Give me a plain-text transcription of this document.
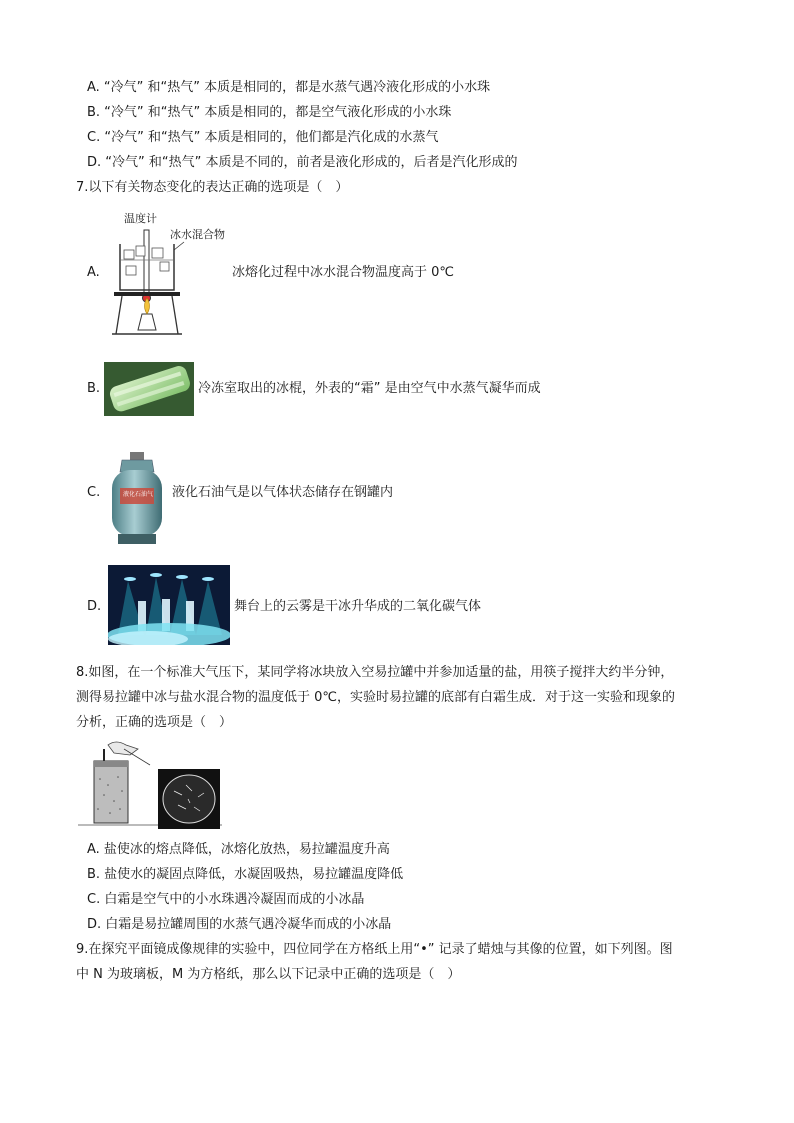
A. “冷气” 和“热气” 本质是相同的，都是水蒸气遇冷液化形成的小水珠
B. “冷气” 和“热气” 本质是相同的，都是空气液化形成的小水珠
C. “冷气” 和“热气” 本质是相同的，他们都是汽化成的水蒸气
D. “冷气” 和“热气” 本质是不同的，前者是液化形成的，后者是汽化形成的
7.以下有关物态变化的表达正确的选项是（　）
A.
温度计
冰水混合物
冰熔化过程中冰水混合物温度高于 0℃
B.	冷冻室取出的冰棍，外表的“霜” 是由空气中水蒸气凝华而成
C.	液化石油气 液化石油气是以气体状态储存在钢罐内
D.	舞台上的云雾是干冰升华成的二氧化碳气体
8.如图，在一个标准大气压下，某同学将冰块放入空易拉罐中并参加适量的盐，用筷子搅拌大约半分钟，
测得易拉罐中冰与盐水混合物的温度低于 0℃，实验时易拉罐的底部有白霜生成．对于这一实验和现象的
分析，正确的选项是（　）
A. 盐使冰的熔点降低，冰熔化放热，易拉罐温度升高
B. 盐使水的凝固点降低，水凝固吸热，易拉罐温度降低
C. 白霜是空气中的小水珠遇冷凝固而成的小冰晶
D. 白霜是易拉罐周围的水蒸气遇冷凝华而成的小冰晶
9.在探究平面镜成像规律的实验中，四位同学在方格纸上用“•” 记录了蜡烛与其像的位置，如下列图。图
中 N 为玻璃板，M 为方格纸，那么以下记录中正确的选项是（　）
